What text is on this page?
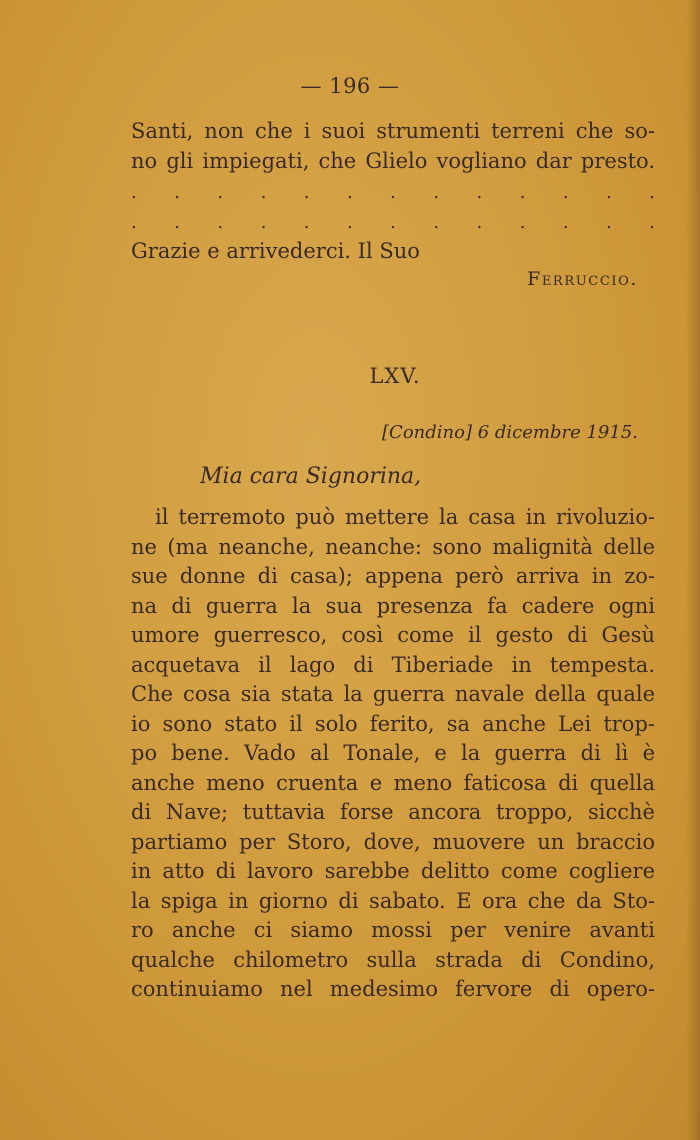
— 196 —
Santi, non che i suoi strumenti terreni che so-
no gli impiegati, che Glielo vogliano dar presto.
. . . . . . . . . . . . .
. . . . . . . . . . . . .
Grazie e arrivederci. Il Suo
Ferruccio.
LXV.
[Condino] 6 dicembre 1915.
Mia cara Signorina,
il terremoto può mettere la casa in rivoluzio-
ne (ma neanche, neanche: sono malignità delle
sue donne di casa); appena però arriva in zo-
na di guerra la sua presenza fa cadere ogni
umore guerresco, così come il gesto di Gesù
acquetava il lago di Tiberiade in tempesta.
Che cosa sia stata la guerra navale della quale
io sono stato il solo ferito, sa anche Lei trop-
po bene. Vado al Tonale, e la guerra di lì è
anche meno cruenta e meno faticosa di quella
di Nave; tuttavia forse ancora troppo, sicchè
partiamo per Storo, dove, muovere un braccio
in atto di lavoro sarebbe delitto come cogliere
la spiga in giorno di sabato. E ora che da Sto-
ro anche ci siamo mossi per venire avanti
qualche chilometro sulla strada di Condino,
continuiamo nel medesimo fervore di opero-
